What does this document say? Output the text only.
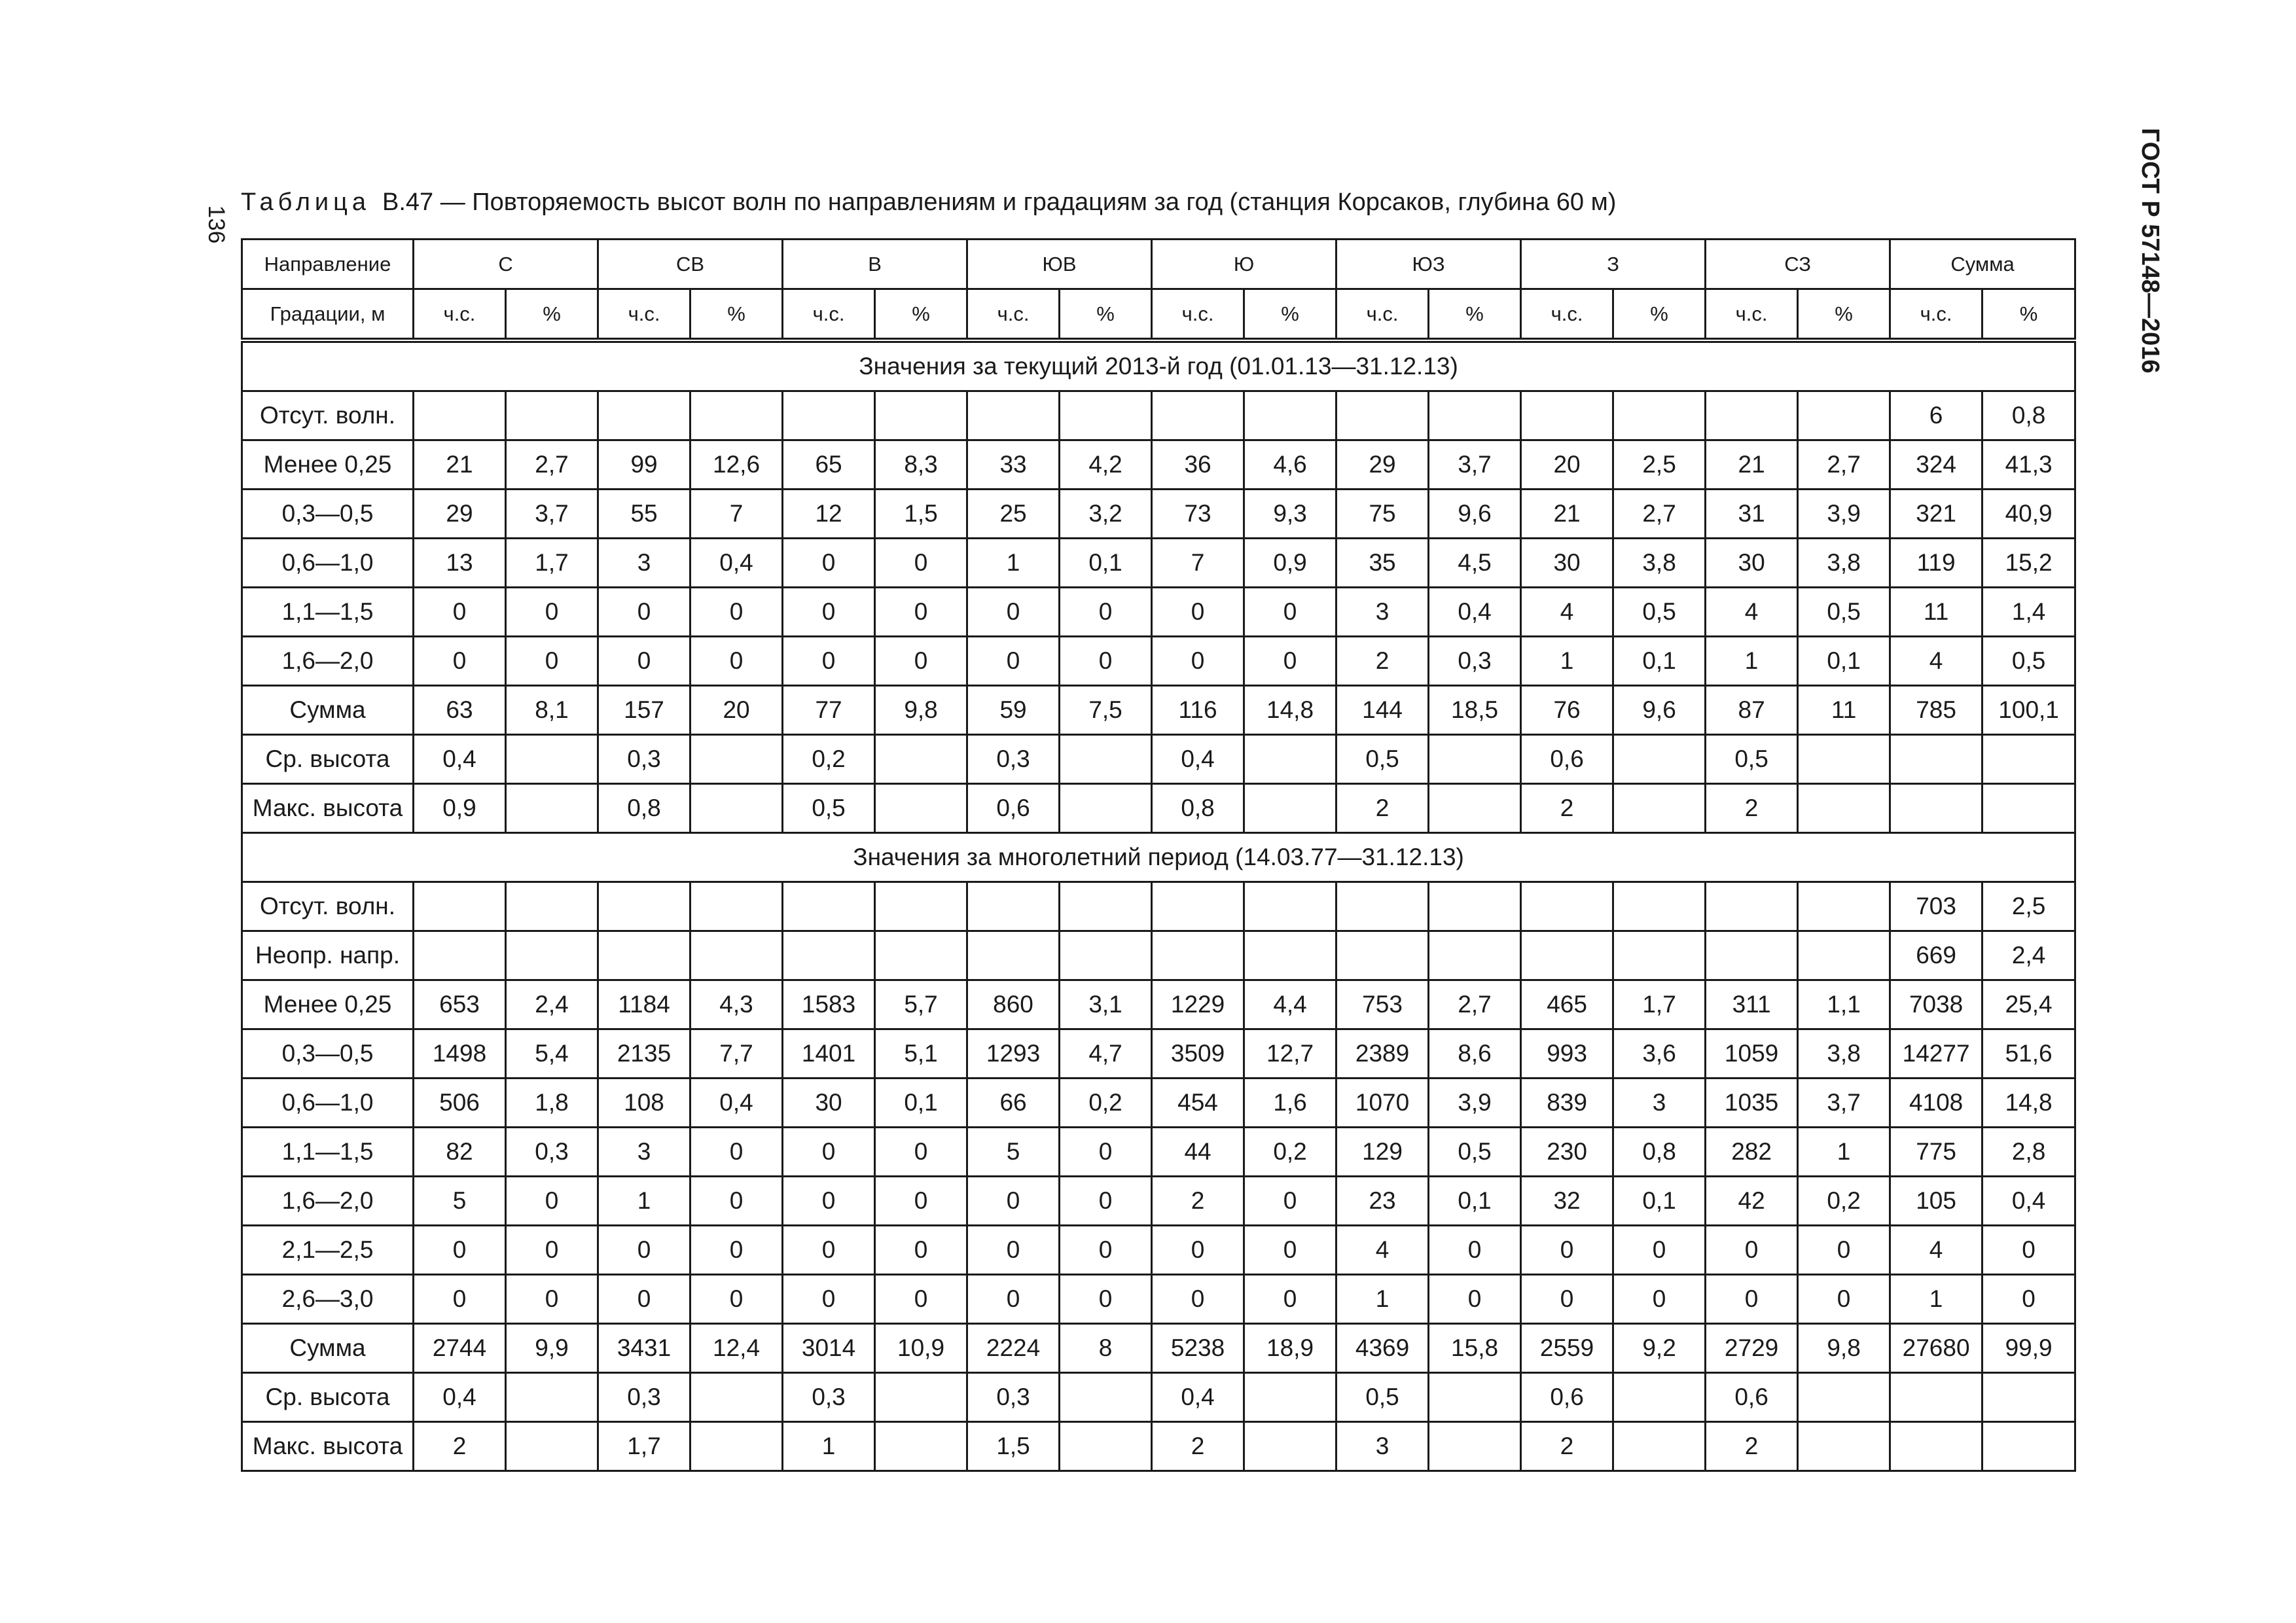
136	ГОСТ Р 57148—2016
Таблица В.47 — Повторяемость высот волн по направлениям и градациям за год (станция Корсаков, глубина 60 м)
Направление	С		СВ		В		ЮВ		Ю		ЮЗ		З		СЗ		Сумма	
Градации, м	ч.с.	%	ч.с.	%	ч.с.	%	ч.с.	%	ч.с.	%	ч.с.	%	ч.с.	%	ч.с.	%	ч.с.	%
Значения за текущий 2013-й год (01.01.13—31.12.13)																		
Отсут. волн.																	6	0,8
Менее 0,25	21	2,7	99	12,6	65	8,3	33	4,2	36	4,6	29	3,7	20	2,5	21	2,7	324	41,3
0,3—0,5	29	3,7	55	7	12	1,5	25	3,2	73	9,3	75	9,6	21	2,7	31	3,9	321	40,9
0,6—1,0	13	1,7	3	0,4	0	0	1	0,1	7	0,9	35	4,5	30	3,8	30	3,8	119	15,2
1,1—1,5	0	0	0	0	0	0	0	0	0	0	3	0,4	4	0,5	4	0,5	11	1,4
1,6—2,0	0	0	0	0	0	0	0	0	0	0	2	0,3	1	0,1	1	0,1	4	0,5
Сумма	63	8,1	157	20	77	9,8	59	7,5	116	14,8	144	18,5	76	9,6	87	11	785	100,1
Ср. высота	0,4		0,3		0,2		0,3		0,4		0,5		0,6		0,5			
Макс. высота	0,9		0,8		0,5		0,6		0,8		2		2		2			
Значения за многолетний период (14.03.77—31.12.13)																		
Отсут. волн.																	703	2,5
Неопр. напр.																	669	2,4
Менее 0,25	653	2,4	1184	4,3	1583	5,7	860	3,1	1229	4,4	753	2,7	465	1,7	311	1,1	7038	25,4
0,3—0,5	1498	5,4	2135	7,7	1401	5,1	1293	4,7	3509	12,7	2389	8,6	993	3,6	1059	3,8	14277	51,6
0,6—1,0	506	1,8	108	0,4	30	0,1	66	0,2	454	1,6	1070	3,9	839	3	1035	3,7	4108	14,8
1,1—1,5	82	0,3	3	0	0	0	5	0	44	0,2	129	0,5	230	0,8	282	1	775	2,8
1,6—2,0	5	0	1	0	0	0	0	0	2	0	23	0,1	32	0,1	42	0,2	105	0,4
2,1—2,5	0	0	0	0	0	0	0	0	0	0	4	0	0	0	0	0	4	0
2,6—3,0	0	0	0	0	0	0	0	0	0	0	1	0	0	0	0	0	1	0
Сумма	2744	9,9	3431	12,4	3014	10,9	2224	8	5238	18,9	4369	15,8	2559	9,2	2729	9,8	27680	99,9
Ср. высота	0,4		0,3		0,3		0,3		0,4		0,5		0,6		0,6			
Макс. высота	2		1,7		1		1,5		2		3		2		2			
